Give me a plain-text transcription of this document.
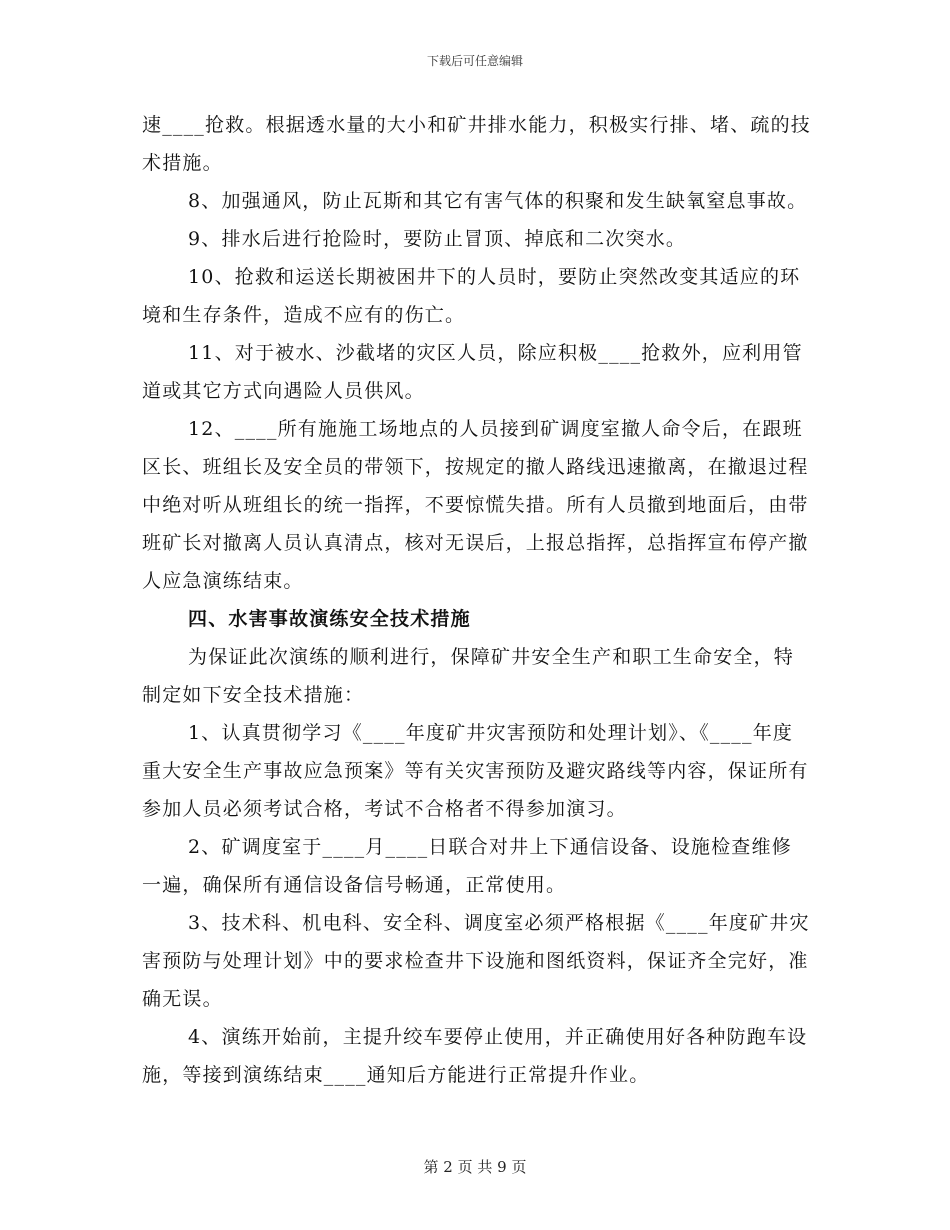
下载后可任意编辑

速____抢救。根据透水量的大小和矿井排水能力，积极实行排、堵、疏的技术措施。

8、加强通风，防止瓦斯和其它有害气体的积聚和发生缺氧窒息事故。

9、排水后进行抢险时，要防止冒顶、掉底和二次突水。

10、抢救和运送长期被困井下的人员时，要防止突然改变其适应的环境和生存条件，造成不应有的伤亡。

11、对于被水、沙截堵的灾区人员，除应积极____抢救外，应利用管道或其它方式向遇险人员供风。

12、____所有施施工场地点的人员接到矿调度室撤人命令后，在跟班区长、班组长及安全员的带领下，按规定的撤人路线迅速撤离，在撤退过程中绝对听从班组长的统一指挥，不要惊慌失措。所有人员撤到地面后，由带班矿长对撤离人员认真清点，核对无误后，上报总指挥，总指挥宣布停产撤人应急演练结束。

四、水害事故演练安全技术措施

为保证此次演练的顺利进行，保障矿井安全生产和职工生命安全，特制定如下安全技术措施：

1、认真贯彻学习《____年度矿井灾害预防和处理计划》、《____年度重大安全生产事故应急预案》等有关灾害预防及避灾路线等内容，保证所有参加人员必须考试合格，考试不合格者不得参加演习。

2、矿调度室于____月____日联合对井上下通信设备、设施检查维修一遍，确保所有通信设备信号畅通，正常使用。

3、技术科、机电科、安全科、调度室必须严格根据《____年度矿井灾害预防与处理计划》中的要求检查井下设施和图纸资料，保证齐全完好，准确无误。

4、演练开始前，主提升绞车要停止使用，并正确使用好各种防跑车设施，等接到演练结束____通知后方能进行正常提升作业。

第 2 页 共 9 页
